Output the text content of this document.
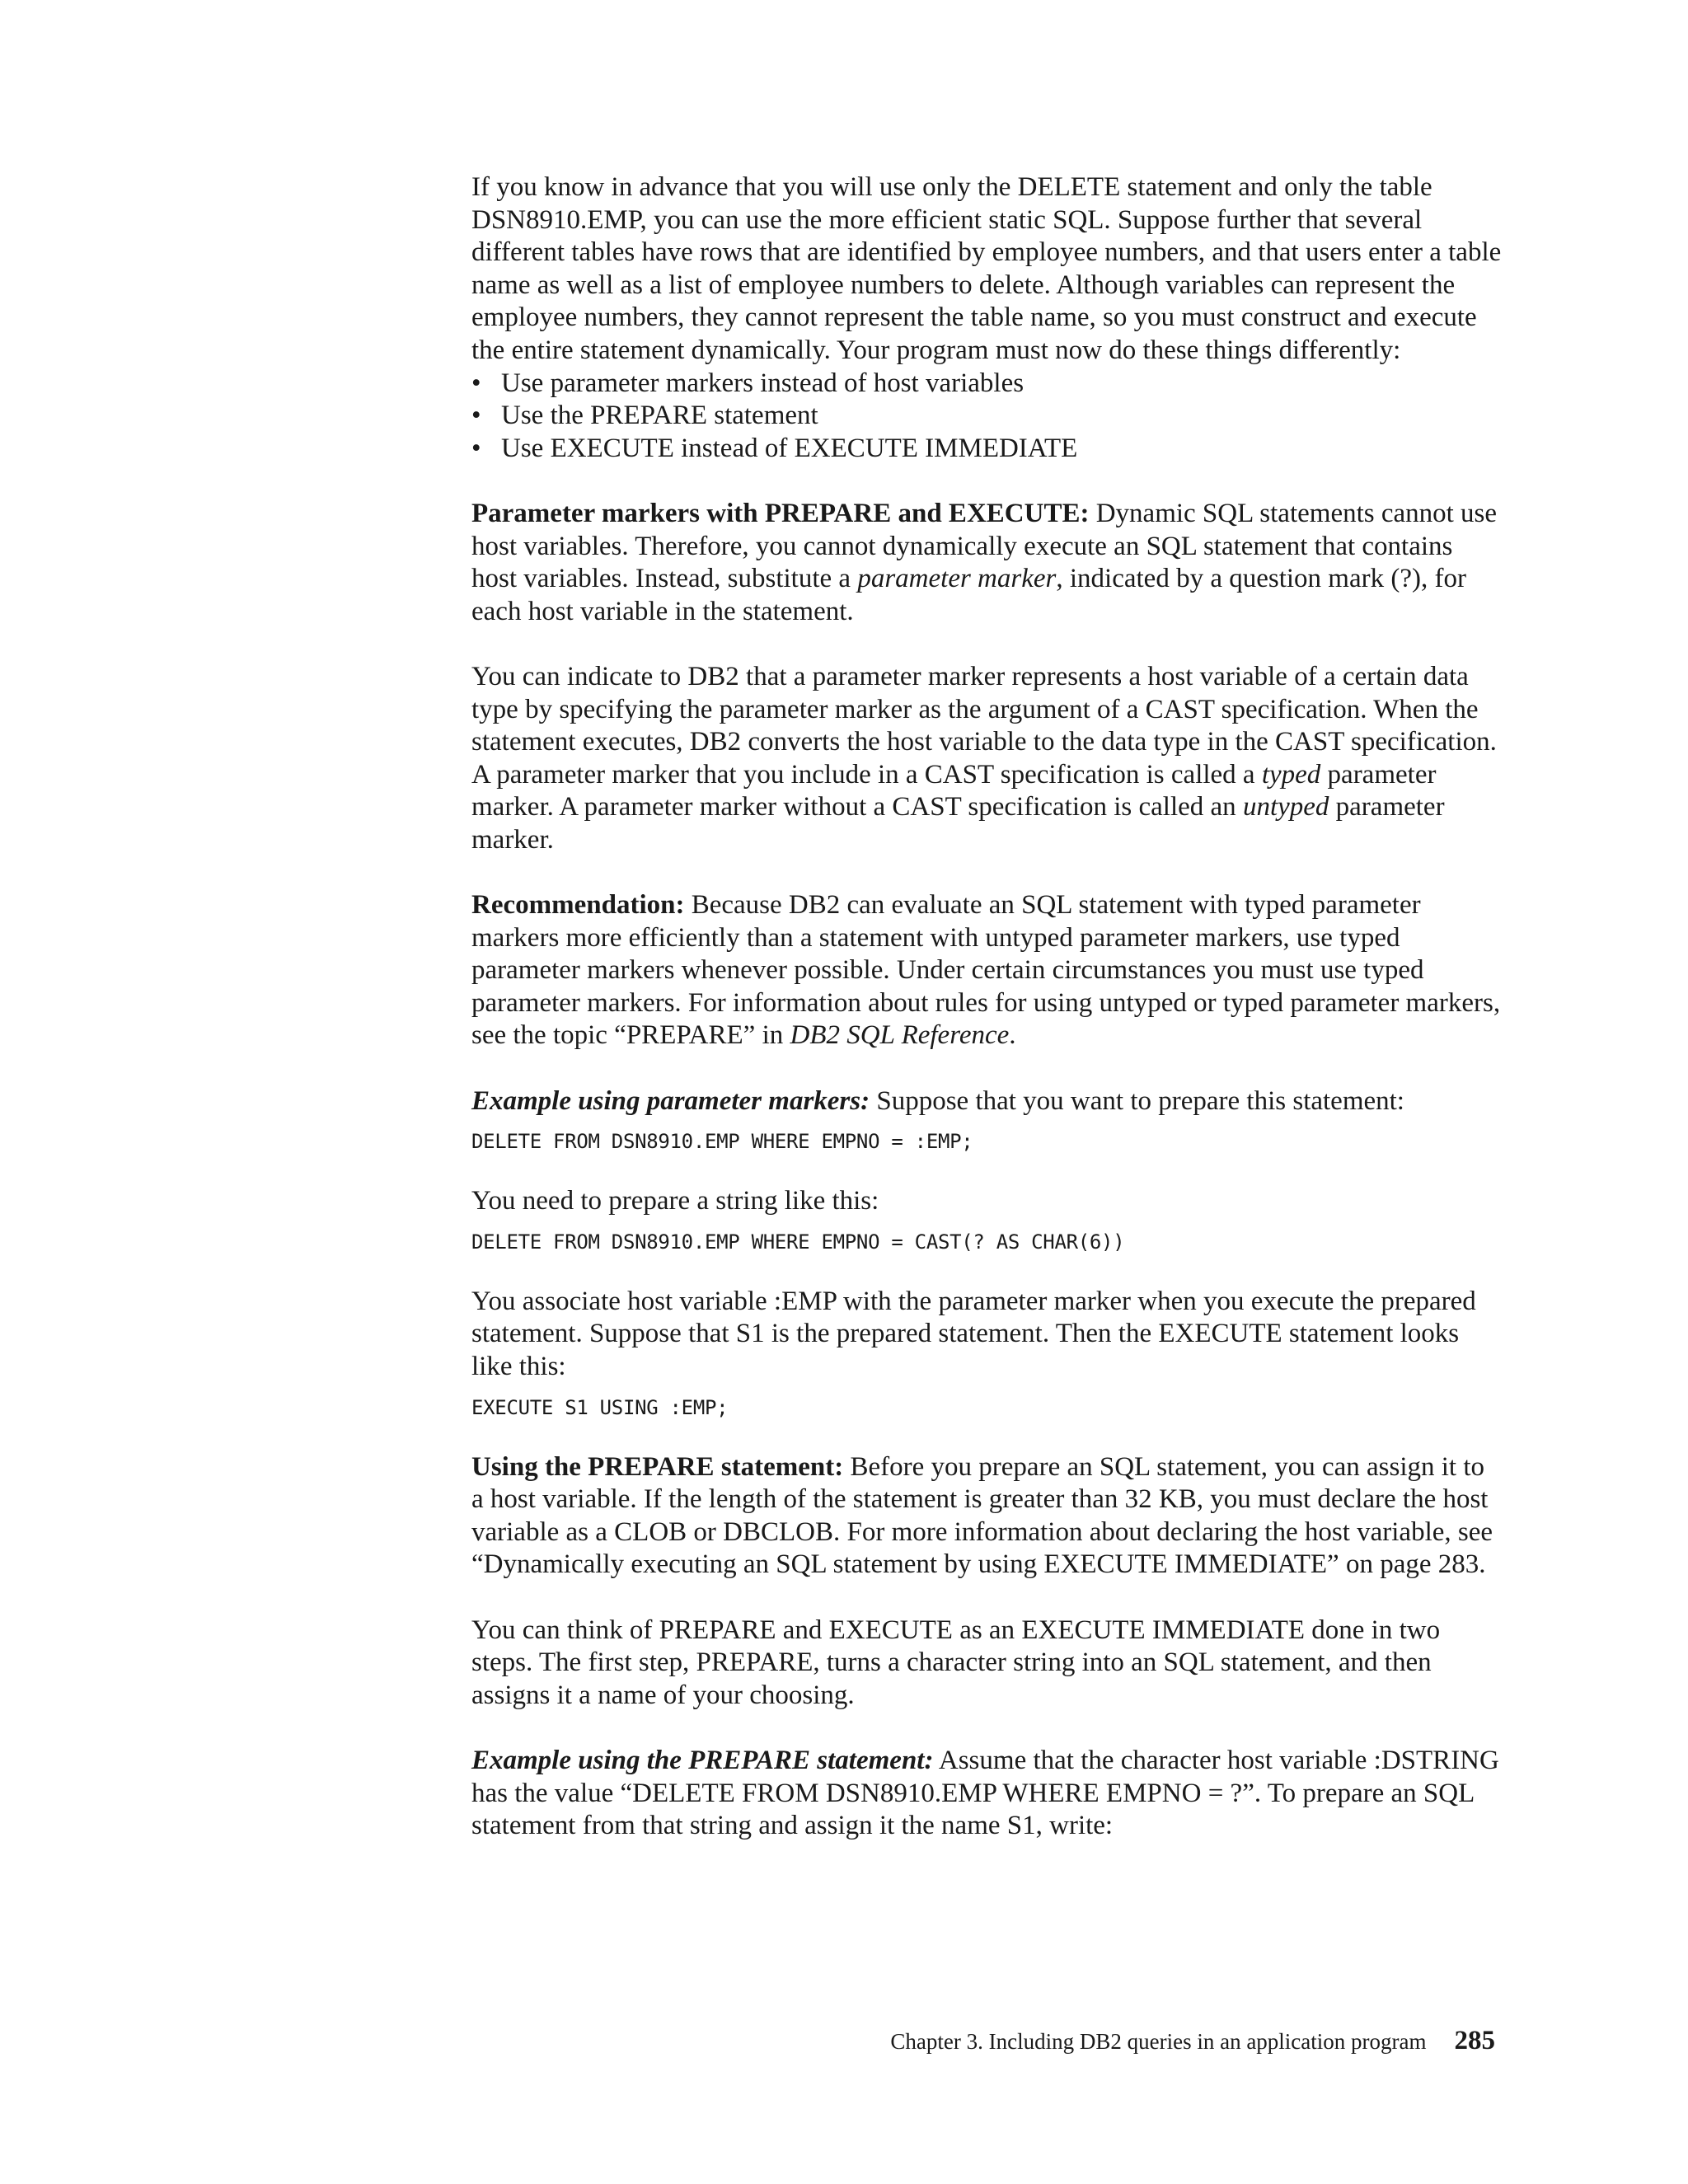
If you know in advance that you will use only the DELETE statement and only the table DSN8910.EMP, you can use the more efficient static SQL. Suppose further that several different tables have rows that are identified by employee numbers, and that users enter a table name as well as a list of employee numbers to delete. Although variables can represent the employee numbers, they cannot represent the table name, so you must construct and execute the entire statement dynamically. Your program must now do these things differently:

• Use parameter markers instead of host variables
• Use the PREPARE statement
• Use EXECUTE instead of EXECUTE IMMEDIATE

Parameter markers with PREPARE and EXECUTE: Dynamic SQL statements cannot use host variables. Therefore, you cannot dynamically execute an SQL statement that contains host variables. Instead, substitute a parameter marker, indicated by a question mark (?), for each host variable in the statement.

You can indicate to DB2 that a parameter marker represents a host variable of a certain data type by specifying the parameter marker as the argument of a CAST specification. When the statement executes, DB2 converts the host variable to the data type in the CAST specification. A parameter marker that you include in a CAST specification is called a typed parameter marker. A parameter marker without a CAST specification is called an untyped parameter marker.

Recommendation: Because DB2 can evaluate an SQL statement with typed parameter markers more efficiently than a statement with untyped parameter markers, use typed parameter markers whenever possible. Under certain circumstances you must use typed parameter markers. For information about rules for using untyped or typed parameter markers, see the topic “PREPARE” in DB2 SQL Reference.

Example using parameter markers: Suppose that you want to prepare this statement:

DELETE FROM DSN8910.EMP WHERE EMPNO = :EMP;

You need to prepare a string like this:

DELETE FROM DSN8910.EMP WHERE EMPNO = CAST(? AS CHAR(6))

You associate host variable :EMP with the parameter marker when you execute the prepared statement. Suppose that S1 is the prepared statement. Then the EXECUTE statement looks like this:

EXECUTE S1 USING :EMP;

Using the PREPARE statement: Before you prepare an SQL statement, you can assign it to a host variable. If the length of the statement is greater than 32 KB, you must declare the host variable as a CLOB or DBCLOB. For more information about declaring the host variable, see “Dynamically executing an SQL statement by using EXECUTE IMMEDIATE” on page 283.

You can think of PREPARE and EXECUTE as an EXECUTE IMMEDIATE done in two steps. The first step, PREPARE, turns a character string into an SQL statement, and then assigns it a name of your choosing.

Example using the PREPARE statement: Assume that the character host variable :DSTRING has the value “DELETE FROM DSN8910.EMP WHERE EMPNO = ?”. To prepare an SQL statement from that string and assign it the name S1, write:

Chapter 3. Including DB2 queries in an application program 285
